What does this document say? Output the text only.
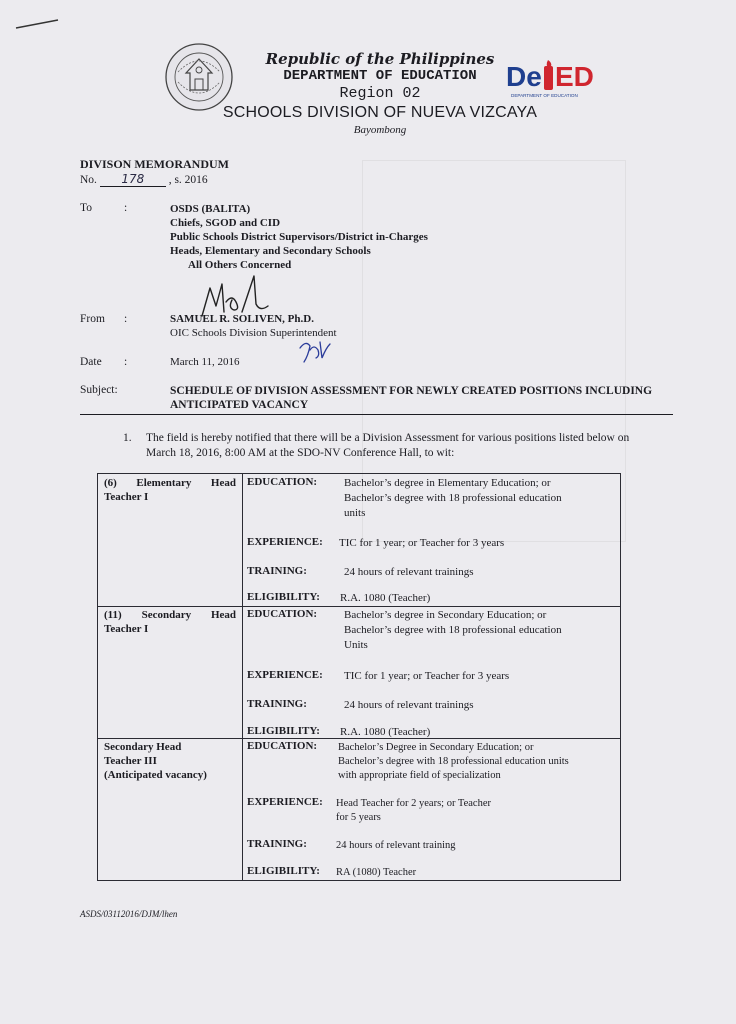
De ED
DEPARTMENT OF EDUCATION
Republic of the Philippines
DEPARTMENT OF EDUCATION
Region 02
SCHOOLS DIVISION OF NUEVA VIZCAYA
Bayombong
DIVISON MEMORANDUM
No. 178 , s. 2016
To	:	OSDS (BALITA)
Chiefs, SGOD and CID
Public Schools District Supervisors/District in-Charges
Heads, Elementary and Secondary Schools
All Others Concerned
From :	SAMUEL R. SOLIVEN, Ph.D.
OIC Schools Division Superintendent
Date :	March 11, 2016
Subject:	SCHEDULE OF DIVISION ASSESSMENT FOR NEWLY CREATED POSITIONS INCLUDING ANTICIPATED VACANCY
1.	The field is hereby notified that there will be a Division Assessment for various positions listed below on March 18, 2016, 8:00 AM at the SDO-NV Conference Hall, to wit:
(6) Elementary Head
Teacher I
EDUCATION: Bachelor’s degree in Elementary Education; or
Bachelor’s degree with 18 professional education
units
EXPERIENCE: TIC for 1 year; or Teacher for 3 years
TRAINING:	24 hours of relevant trainings
ELIGIBILITY: R.A. 1080 (Teacher)
(11) Secondary Head
Teacher I
EDUCATION: Bachelor’s degree in Secondary Education; or
Bachelor’s degree with 18 professional education
Units
EXPERIENCE: TIC for 1 year; or Teacher for 3 years
TRAINING:	24 hours of relevant trainings
ELIGIBILITY: R.A. 1080 (Teacher)
Secondary Head
Teacher III
(Anticipated vacancy)
EDUCATION: Bachelor’s Degree in Secondary Education; or
Bachelor’s degree with 18 professional education units
with appropriate field of specialization
EXPERIENCE: Head Teacher for 2 years; or Teacher
for 5 years
TRAINING:	24 hours of relevant training
ELIGIBILITY: RA (1080) Teacher
ASDS/03112016/DJM/lhen
